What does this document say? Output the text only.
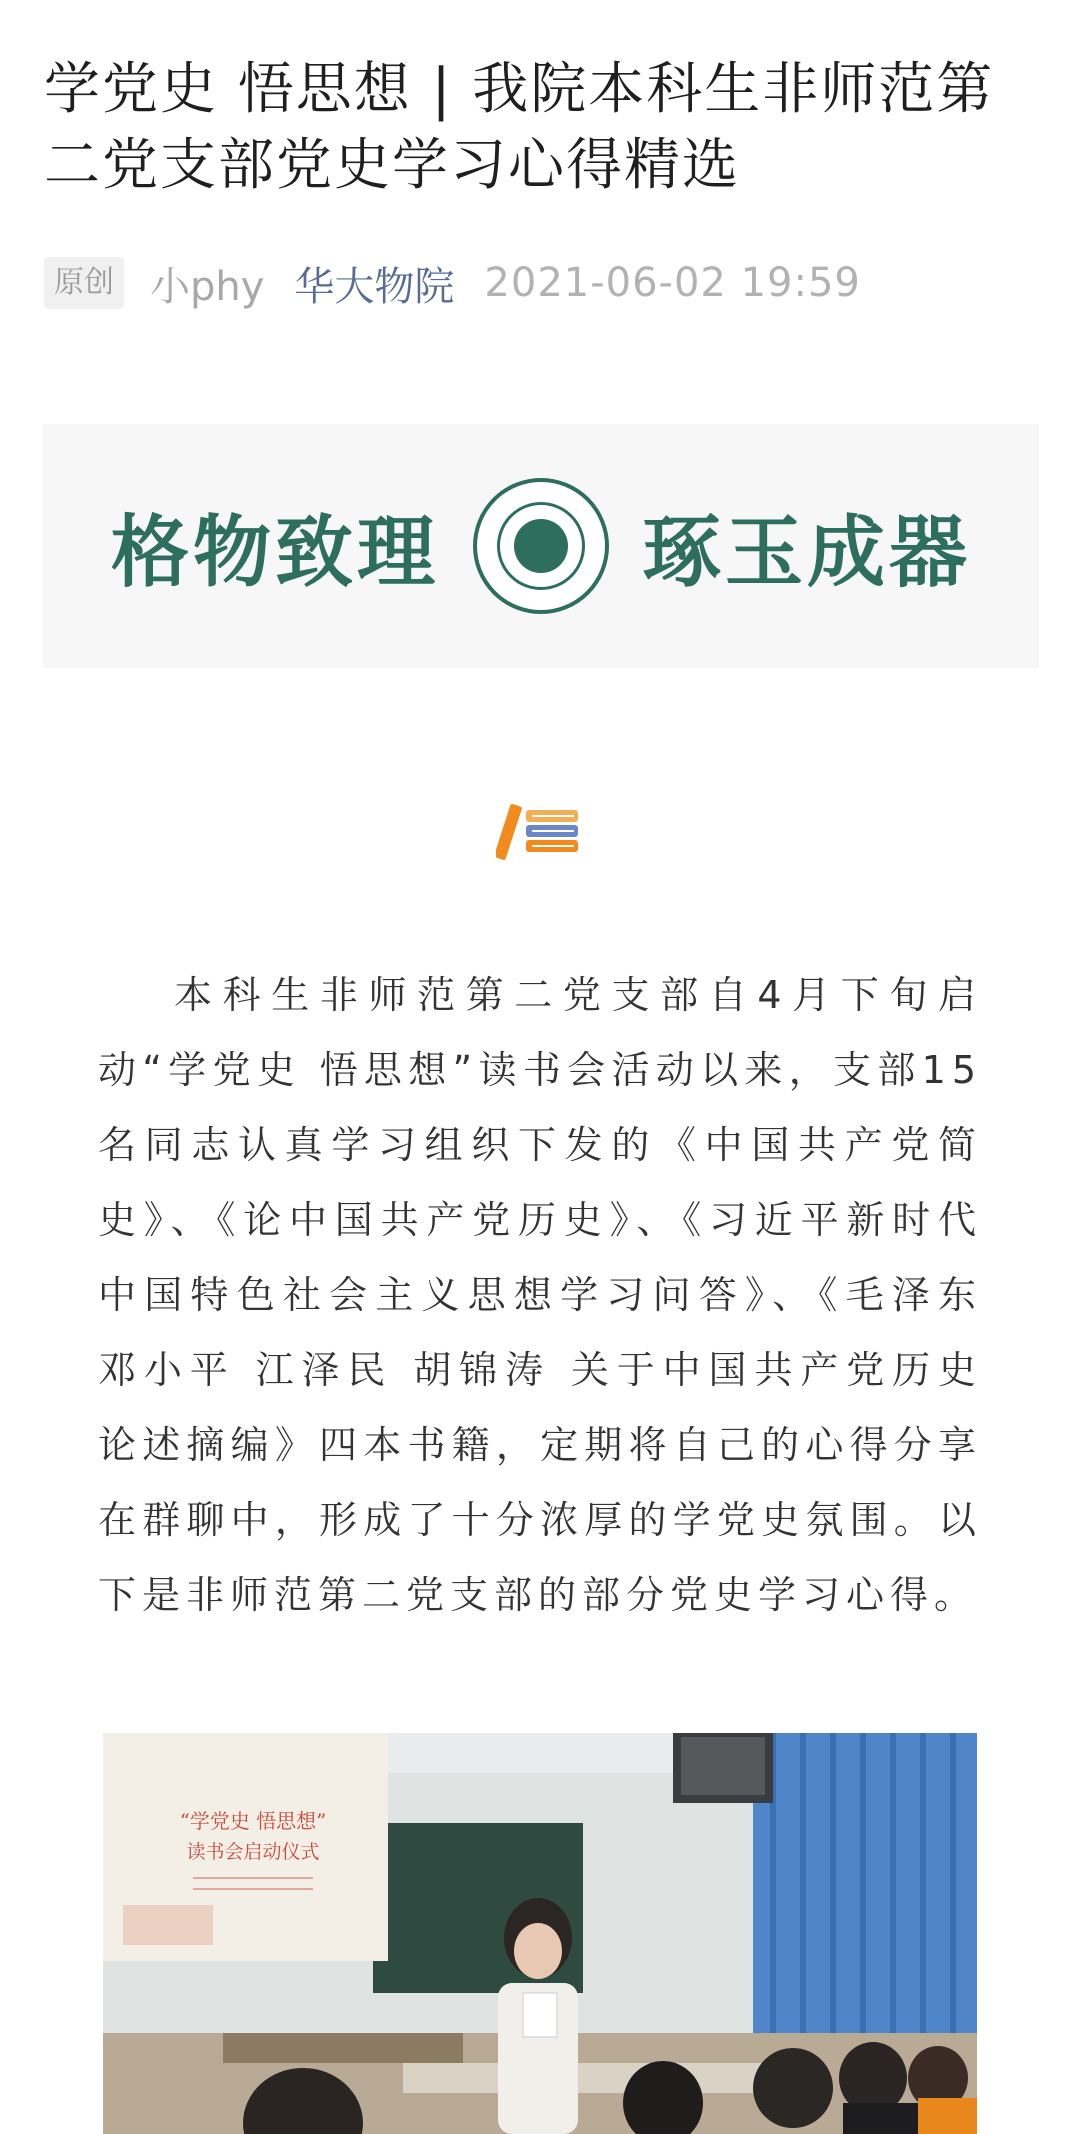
学党史 悟思想 | 我院本科生非师范第二党支部党史学习心得精选
原创 小phy 华大物院 2021-06-02 19:59
格物致理	琢玉成器

本科生非师范第二党支部自4月下旬启动“学党史 悟思想”读书会活动以来，支部15名同志认真学习组织下发的《中国共产党简史》、《论中国共产党历史》、《习近平新时代中国特色社会主义思想学习问答》、《毛泽东 邓小平 江泽民 胡锦涛 关于中国共产党历史论述摘编》四本书籍，定期将自己的心得分享在群聊中，形成了十分浓厚的学党史氛围。以下是非师范第二党支部的部分党史学习心得。

“学党史 悟思想”
读书会启动仪式
